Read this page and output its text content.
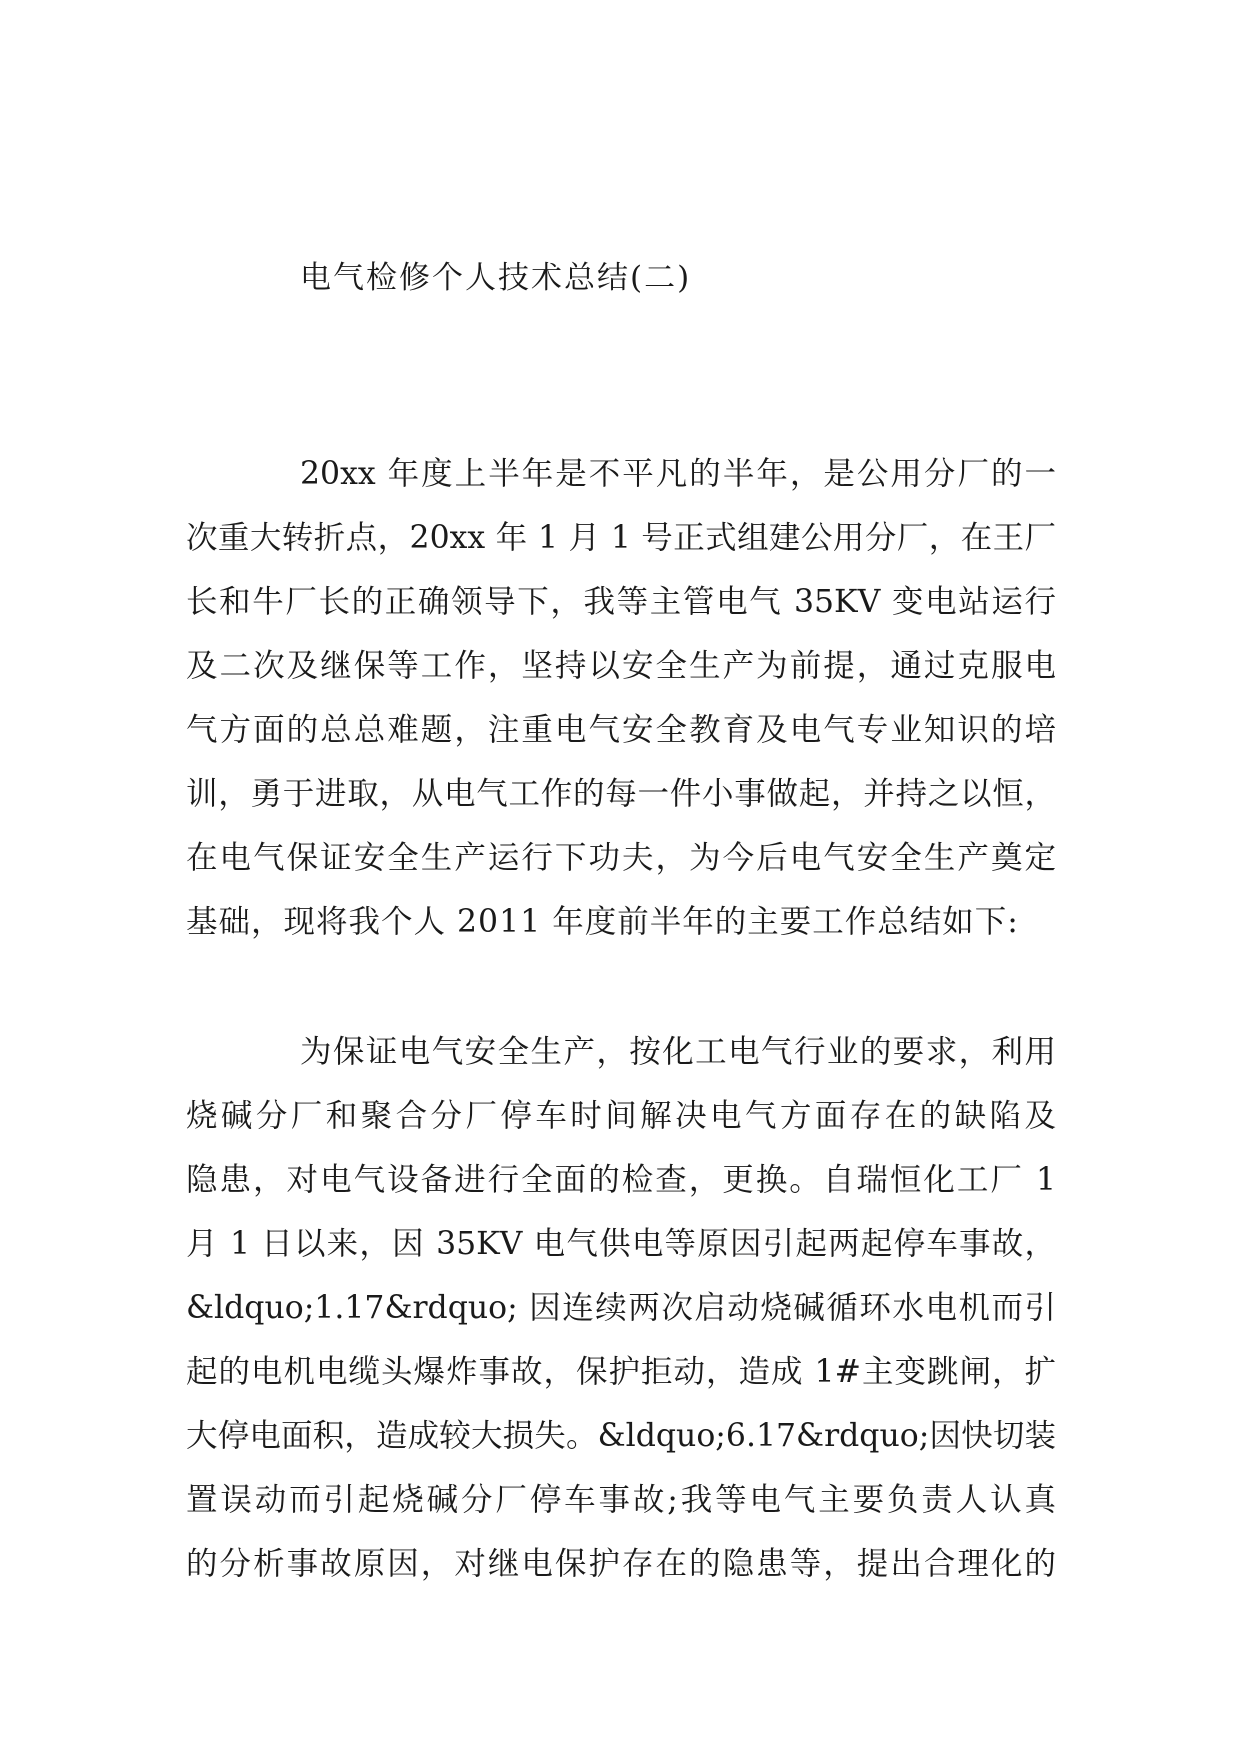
电气检修个人技术总结(二)
20xx 年度上半年是不平凡的半年，是公用分厂的一
次重大转折点，20xx 年 1 月 1 号正式组建公用分厂，在王厂
长和牛厂长的正确领导下，我等主管电气 35KV 变电站运行
及二次及继保等工作，坚持以安全生产为前提，通过克服电
气方面的总总难题，注重电气安全教育及电气专业知识的培
训，勇于进取，从电气工作的每一件小事做起，并持之以恒，
在电气保证安全生产运行下功夫，为今后电气安全生产奠定
基础，现将我个人 2011 年度前半年的主要工作总结如下:
为保证电气安全生产，按化工电气行业的要求，利用
烧碱分厂和聚合分厂停车时间解决电气方面存在的缺陷及
隐患，对电气设备进行全面的检查，更换。自瑞恒化工厂 1
月 1 日以来，因 35KV 电气供电等原因引起两起停车事故，
&ldquo;1.17&rdquo; 因连续两次启动烧碱循环水电机而引
起的电机电缆头爆炸事故，保护拒动，造成 1#主变跳闸，扩
大停电面积，造成较大损失。&ldquo;6.17&rdquo;因快切装
置误动而引起烧碱分厂停车事故;我等电气主要负责人认真
的分析事故原因，对继电保护存在的隐患等，提出合理化的
